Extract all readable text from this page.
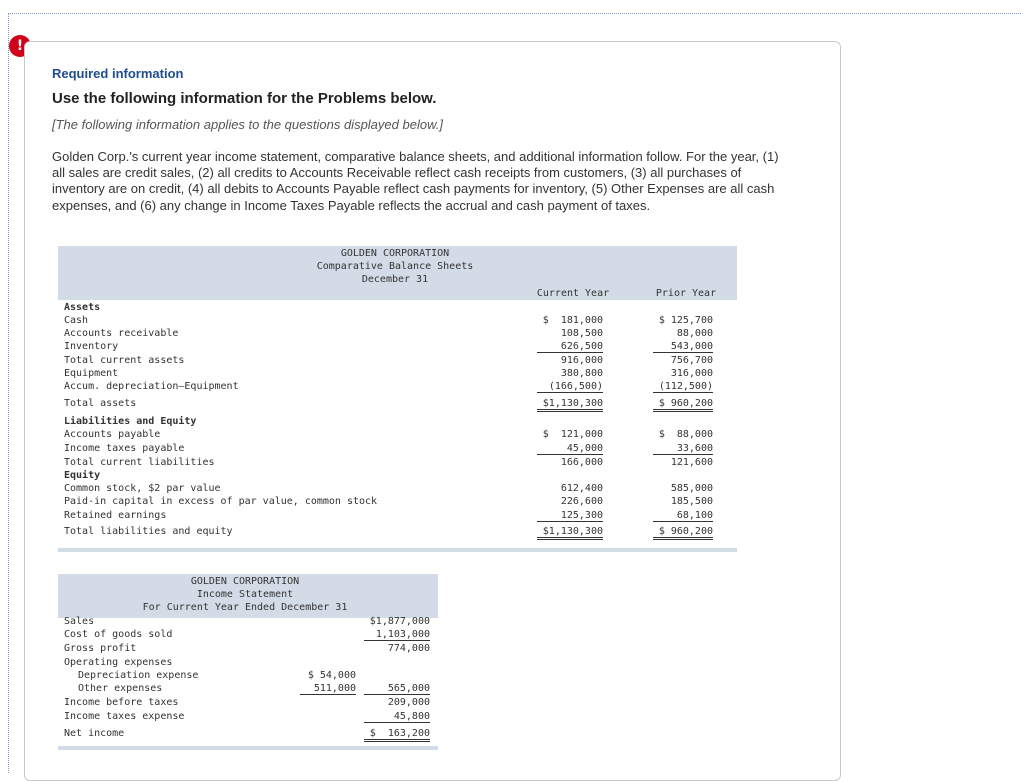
!
Required information
Use the following information for the Problems below.
[The following information applies to the questions displayed below.]
Golden Corp.'s current year income statement, comparative balance sheets, and additional information follow. For the year, (1) all sales are credit sales, (2) all credits to Accounts Receivable reflect cash receipts from customers, (3) all purchases of inventory are on credit, (4) all debits to Accounts Payable reflect cash payments for inventory, (5) Other Expenses are all cash expenses, and (6) any change in Income Taxes Payable reflects the accrual and cash payment of taxes.
GOLDEN CORPORATION
Comparative Balance Sheets
December 31
Current Year	Prior Year
Assets
Cash	$  181,000	$ 125,700
Accounts receivable	108,500	88,000
Inventory	626,500	543,000
Total current assets	916,000	756,700
Equipment	380,800	316,000
Accum. depreciation—Equipment	(166,500)	(112,500)
Total assets	$1,130,300	$ 960,200
Liabilities and Equity
Accounts payable	$  121,000	$  88,000
Income taxes payable	45,000	33,600
Total current liabilities	166,000	121,600
Equity
Common stock, $2 par value	612,400	585,000
Paid-in capital in excess of par value, common stock	226,600	185,500
Retained earnings	125,300	68,100
Total liabilities and equity	$1,130,300	$ 960,200
GOLDEN CORPORATION
Income Statement
For Current Year Ended December 31
Sales	$1,877,000
Cost of goods sold	1,103,000
Gross profit	774,000
Operating expenses
Depreciation expense	$ 54,000
Other expenses	511,000	565,000
Income before taxes	209,000
Income taxes expense	45,800
Net income	$  163,200
